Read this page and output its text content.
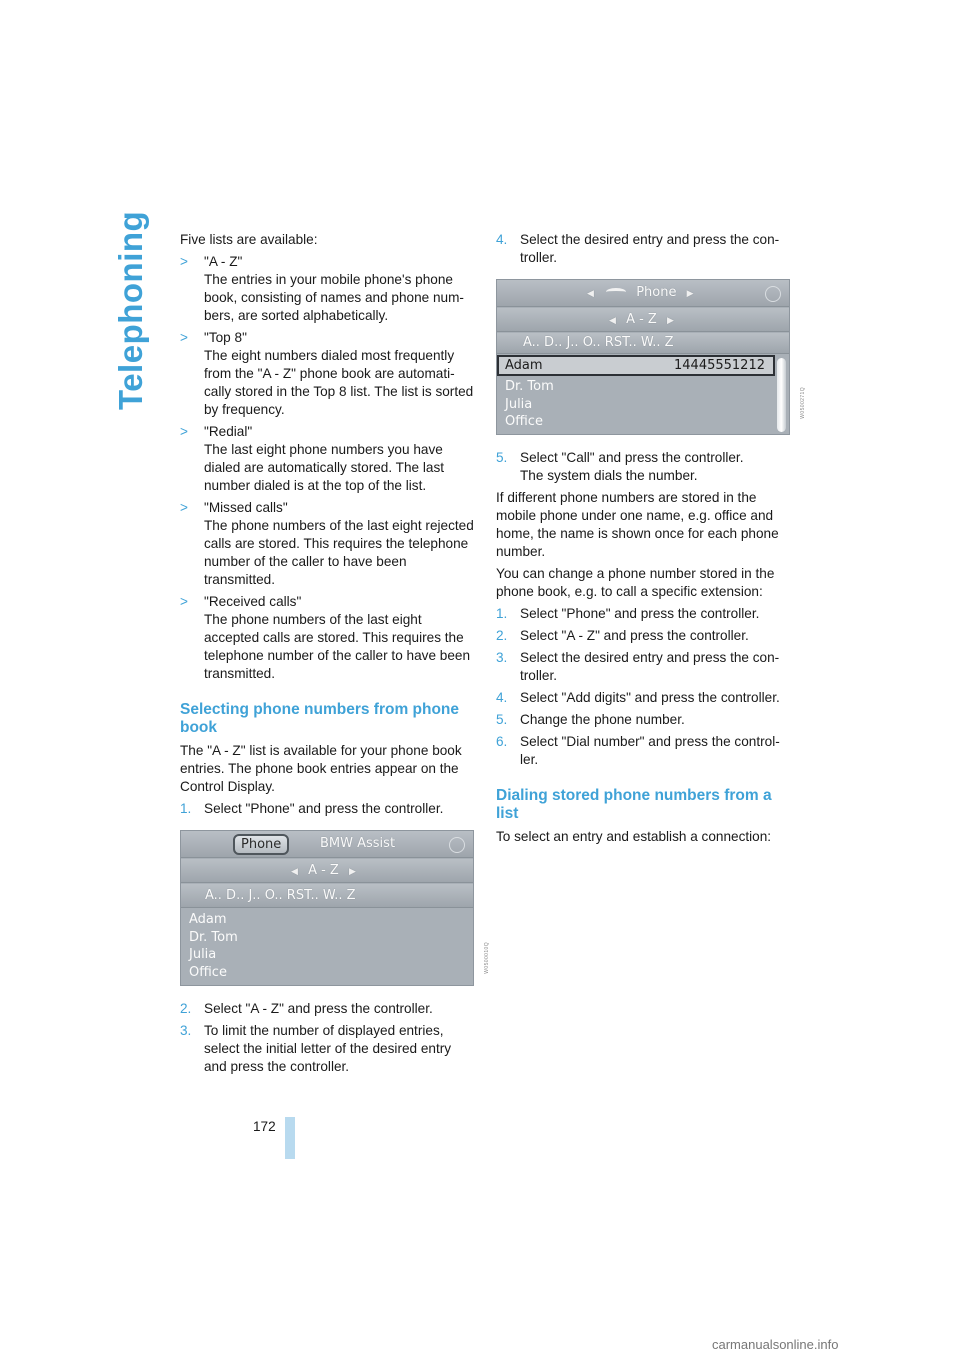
Telephoning Five lists are available:

> "A - Z"
The entries in your mobile phone's phone book, consisting of names and phone num- bers, are sorted alphabetically.
> "Top 8"
The eight numbers dialed most frequently from the "A - Z" phone book are automati- cally stored in the Top 8 list. The list is sorted by frequency.
> "Redial"
The last eight phone numbers you have dialed are automatically stored. The last number dialed is at the top of the list.
> "Missed calls"
The phone numbers of the last eight rejected calls are stored. This requires the telephone number of the caller to have been transmitted.
> "Received calls"
The phone numbers of the last eight accepted calls are stored. This requires the telephone number of the caller to have been transmitted.
Selecting phone numbers from phone book

The "A - Z" list is available for your phone book entries. The phone book entries appear on the Control Display.

1. Select "Phone" and press the controller.
Phone	BMW Assist
◀ A - Z ▶
A.. D.. J.. O.. RST.. W.. Z
Adam
Dr. Tom
Julia
Office	W0500010Q
2. Select "A - Z" and press the controller.
3. To limit the number of displayed entries, select the initial letter of the desired entry and press the controller.
4. Select the desired entry and press the con- troller.
◀	Phone ▶
◀ A - Z ▶
A.. D.. J.. O.. RST.. W.. Z
Adam	14445551212
Dr. Tom
Julia
Office
W0500271Q
5. Select "Call" and press the controller.
The system dials the number.

If different phone numbers are stored in the mobile phone under one name, e.g. office and home, the name is shown once for each phone number.

You can change a phone number stored in the phone book, e.g. to call a specific extension:

1. Select "Phone" and press the controller.
2. Select "A - Z" and press the controller.
3. Select the desired entry and press the con- troller.
4. Select "Add digits" and press the controller.
5. Change the phone number.
6. Select "Dial number" and press the control- ler.
Dialing stored phone numbers from a list

To select an entry and establish a connection:

172
carmanualsonline.info
